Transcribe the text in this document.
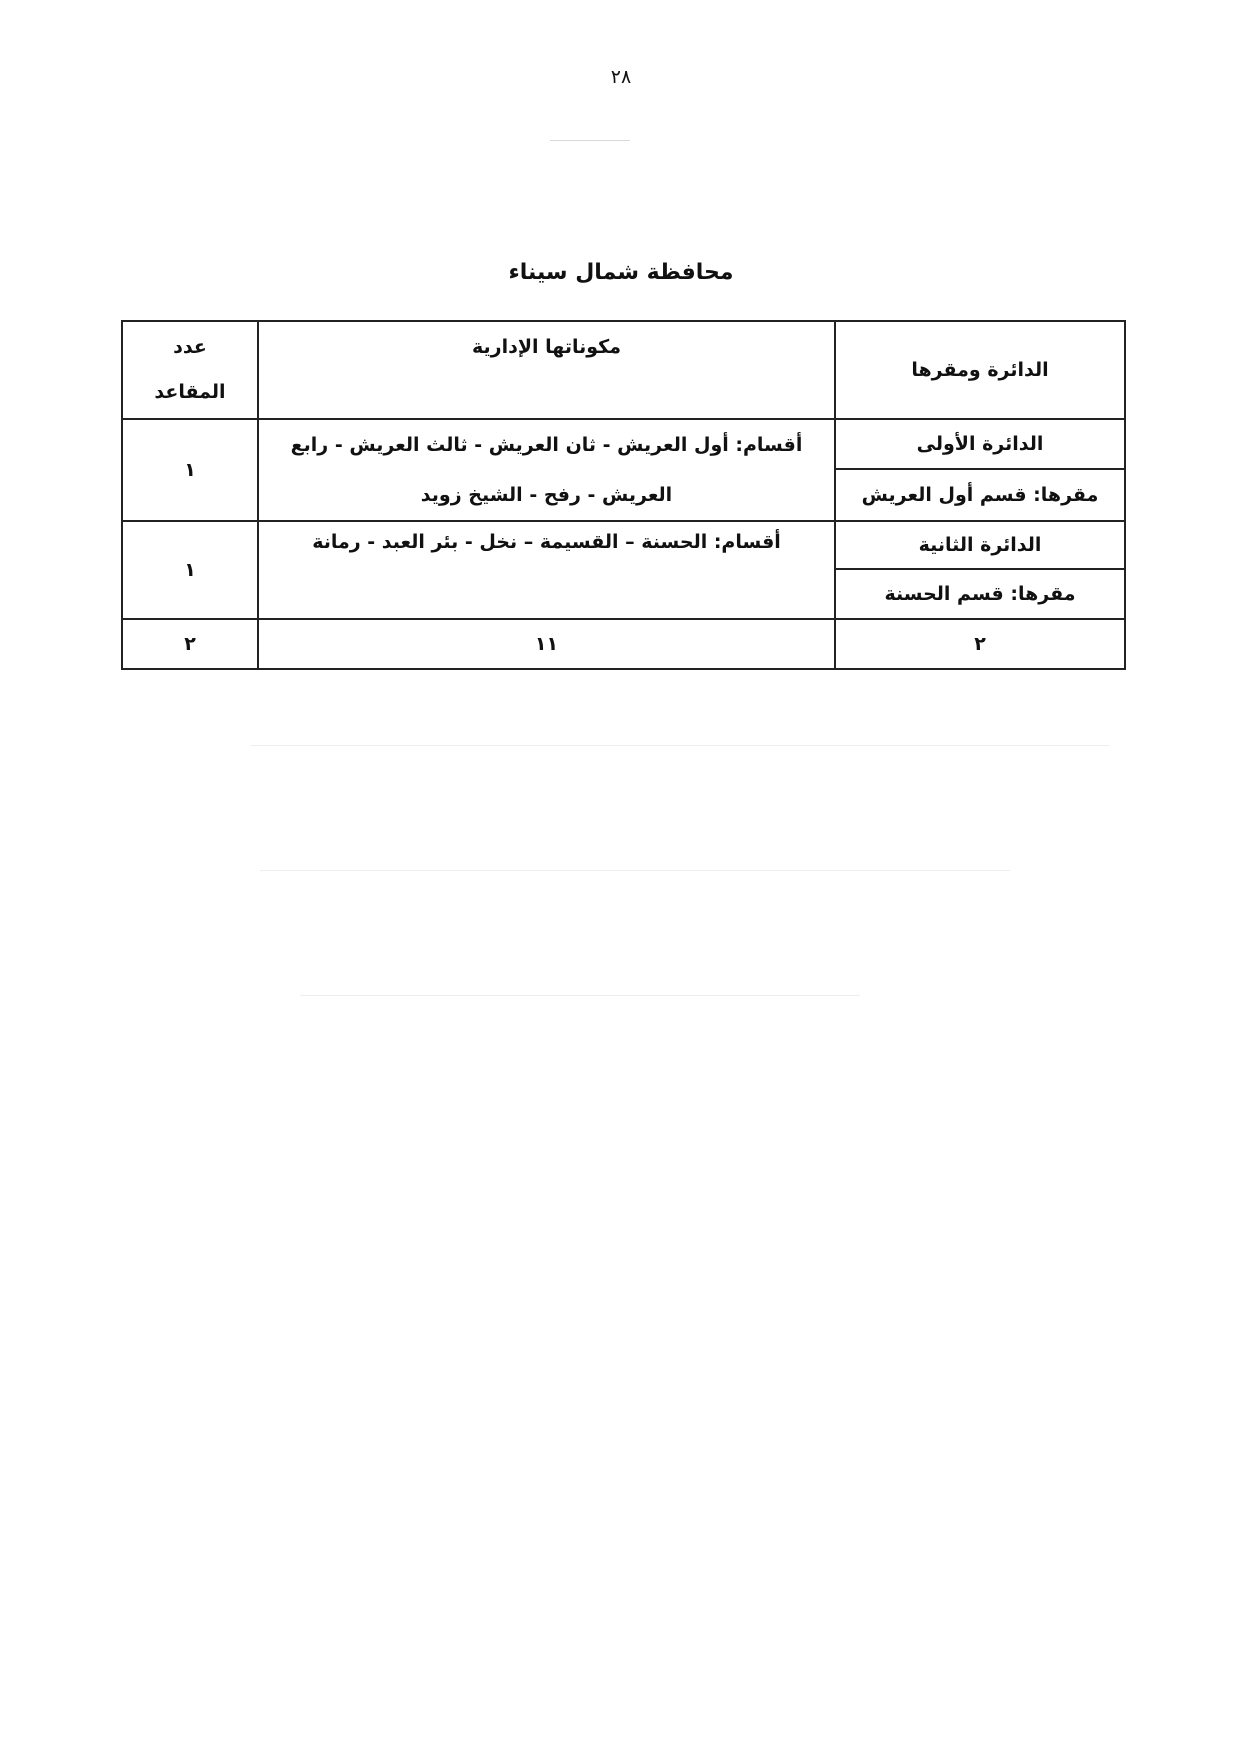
٢٨
محافظة شمال سيناء
الدائرة ومقرها	مكوناتها الإدارية	عدد
المقاعد

الدائرة الأولى	أقسام: أول العريش - ثان العريش - ثالث العريش - رابع العريش - رفح - الشيخ زويد	١
مقرها: قسم أول العريش		
الدائرة الثانية	أقسام: الحسنة – القسيمة – نخل - بئر العبد - رمانة	١
مقرها: قسم الحسنة		
٢	١١	٢
